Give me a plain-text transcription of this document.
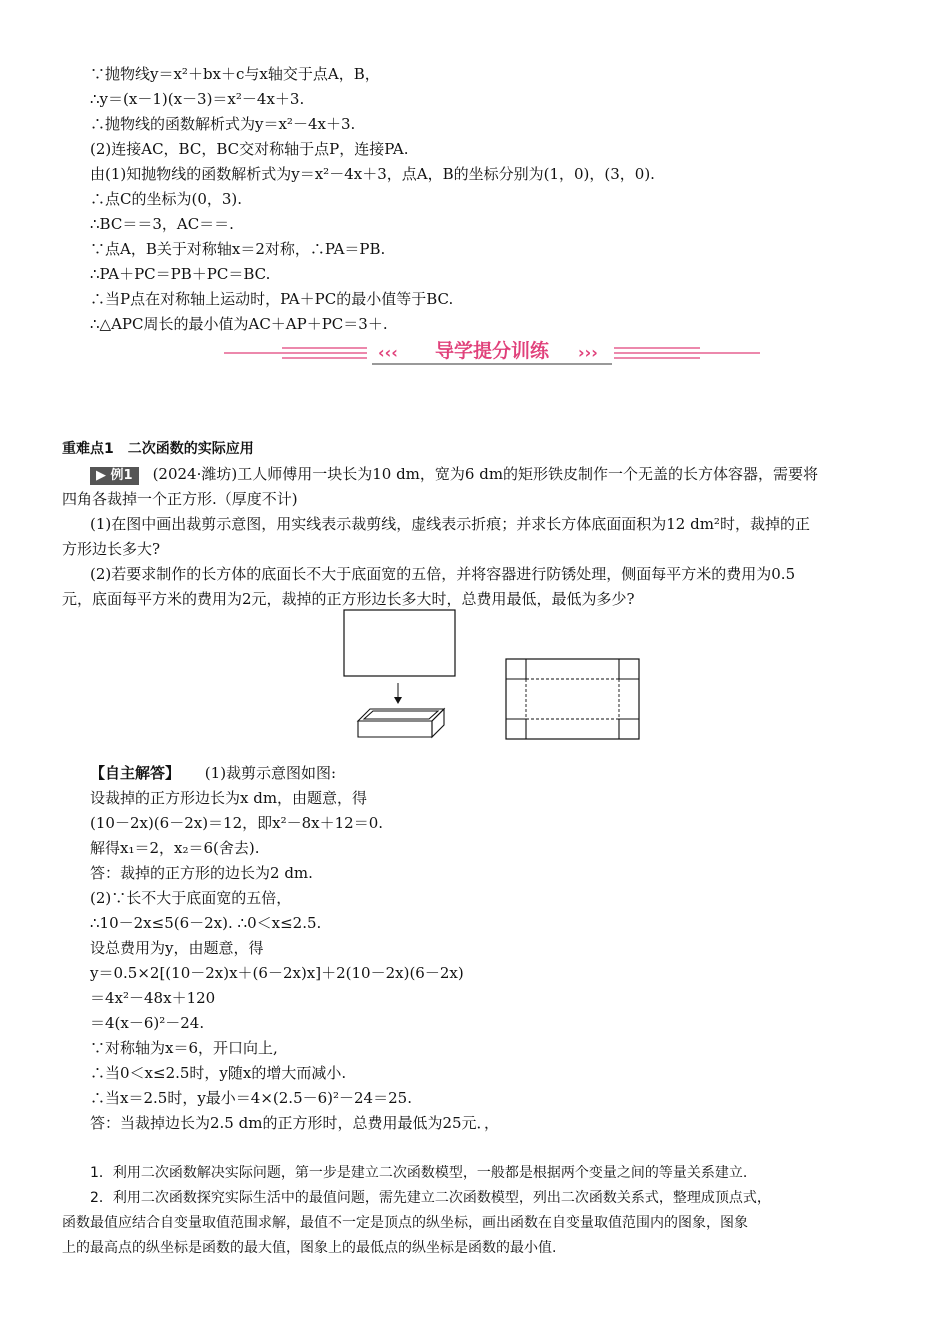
∵抛物线y＝x²＋bx＋c与x轴交于点A，B，
∴y＝(x－1)(x－3)＝x²－4x＋3.
∴抛物线的函数解析式为y＝x²－4x＋3.
(2)连接AC，BC，BC交对称轴于点P，连接PA.
由(1)知抛物线的函数解析式为y＝x²－4x＋3，点A，B的坐标分别为(1，0)，(3，0).
∴点C的坐标为(0，3).
∴BC＝＝3，AC＝＝.
∵点A，B关于对称轴x＝2对称，∴PA＝PB.
∴PA＋PC＝PB＋PC＝BC.
∴当P点在对称轴上运动时，PA＋PC的最小值等于BC.
∴△APC周长的最小值为AC＋AP＋PC＝3＋.
‹‹‹ 导学提分训练 ›››
重难点1　二次函数的实际应用
▶ 例1 (2024·潍坊)工人师傅用一块长为10 dm，宽为6 dm的矩形铁皮制作一个无盖的长方体容器，需要将
四角各裁掉一个正方形.（厚度不计)
(1)在图中画出裁剪示意图，用实线表示裁剪线，虚线表示折痕；并求长方体底面面积为12 dm²时，裁掉的正
方形边长多大?
(2)若要求制作的长方体的底面长不大于底面宽的五倍，并将容器进行防锈处理，侧面每平方米的费用为0.5
元，底面每平方米的费用为2元，裁掉的正方形边长多大时，总费用最低，最低为多少?
【自主解答】 (1)裁剪示意图如图:
设裁掉的正方形边长为x dm，由题意，得
(10－2x)(6－2x)＝12，即x²－8x＋12＝0.
解得x₁＝2，x₂＝6(舍去).
答：裁掉的正方形的边长为2 dm.
(2)∵长不大于底面宽的五倍，
∴10－2x≤5(6－2x). ∴0＜x≤2.5.
设总费用为y，由题意，得
y＝0.5×2[(10－2x)x＋(6－2x)x]＋2(10－2x)(6－2x)
＝4x²－48x＋120
＝4(x－6)²－24.
∵对称轴为x＝6，开口向上,
∴当0＜x≤2.5时，y随x的增大而减小.
∴当x＝2.5时，y最小＝4×(2.5－6)²－24＝25.
答：当裁掉边长为2.5 dm的正方形时，总费用最低为25元．，
1．利用二次函数解决实际问题，第一步是建立二次函数模型，一般都是根据两个变量之间的等量关系建立.
2．利用二次函数探究实际生活中的最值问题，需先建立二次函数模型，列出二次函数关系式，整理成顶点式，
函数最值应结合自变量取值范围求解，最值不一定是顶点的纵坐标，画出函数在自变量取值范围内的图象，图象
上的最高点的纵坐标是函数的最大值，图象上的最低点的纵坐标是函数的最小值.
